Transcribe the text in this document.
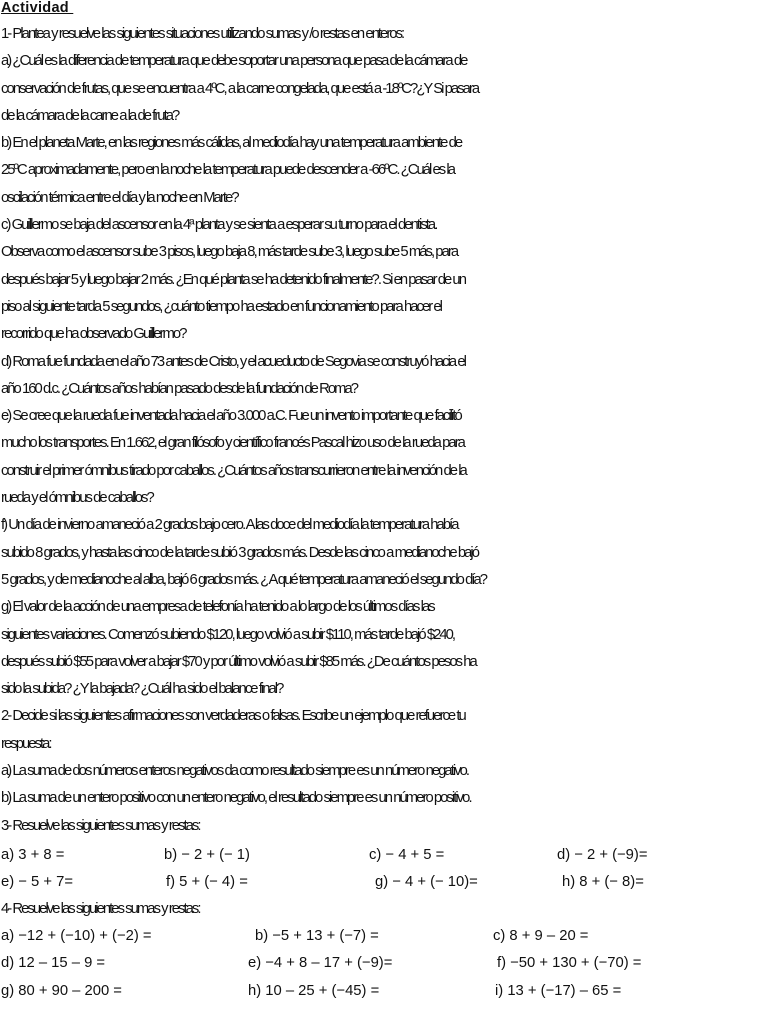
Actividad
1- Plantea y resuelve las siguientes situaciones utilizando sumas y /o restas en enteros:
a) ¿Cuál es la diferencia de temperatura que debe soportar una persona que pasa de la cámara de
conservación de frutas, que se encuentra a 4ºC, a la carne congelada, que está a -18ºC?¿Y Si pasara
de la cámara de la carne a la de fruta?
b) En el planeta Marte, en las regiones más cálidas, al mediodía hay una temperatura ambiente de
25ºC aproximadamente, pero en la noche la temperatura puede descender a -66ºC. ¿Cuál es la
oscilación térmica entre el día y la noche en Marte?
c) Guillermo se baja del ascensor en la 4ª planta y se sienta a esperar su turno para el dentista.
Observa como el ascensor sube 3 pisos, luego baja 8, más tarde sube 3, luego sube 5 más, para
después bajar 5 y luego bajar 2 más. ¿En qué planta se ha detenido finalmente?. Si en pasar de un
piso al siguiente tarda 5 segundos, ¿cuánto tiempo ha estado en funcionamiento para hacer el
recorrido que ha observado Guillermo?
d) Roma fue fundada en el año 73 antes de Cristo, y el acueducto de Segovia se construyó hacia el
año 160 d.c. ¿Cuántos años habían pasado desde la fundación de Roma?
e) Se cree que la rueda fue inventada hacia el año 3.000 a.C. Fue un invento importante que facilitó
mucho los transportes. En 1.662, el gran filósofo y científico francés Pascal hizo uso de la rueda para
construir el primer ómnibus tirado por caballos. ¿Cuántos años transcurrieron entre la invención de la
rueda y el ómnibus de caballos?
f) Un día de invierno amaneció a 2 grados bajo cero. A las doce del mediodía la temperatura había
subido 8 grados, y hasta las cinco de la tarde subió 3 grados más. Desde las cinco a medianoche bajó
5 grados, y de medianoche al alba, bajó 6 grados más. ¿ A qué temperatura amaneció el segundo día?
g) El valor de la acción de una empresa de telefonía ha tenido a lo largo de los últimos días las
siguientes variaciones. Comenzó subiendo $120, luego volvió a subir $110, más tarde bajó $240,
después subió $55 para volver a bajar $70 y por último volvió a subir $85 más. ¿De cuántos pesos ha
sido la subida? ¿Y la bajada? ¿Cuál ha sido el balance final?
2- Decide si las siguientes afirmaciones son verdaderas o falsas. Escribe un ejemplo que refuerce tu
respuesta:
a) La suma de dos números enteros negativos da como resultado siempre es un número negativo.
b) La suma de un entero positivo con un entero negativo, el resultado siempre es un número positivo.
3- Resuelve las siguientes sumas y restas:
a) 3 + 8 =	b) − 2 + (− 1)	c) − 4 + 5 =	d) − 2 + (−9)=
e) − 5 + 7=	f) 5 + (− 4) =	g) − 4 + (− 10)=	h) 8 + (− 8)=
4- Resuelve las siguientes sumas y restas:
a) −12 + (−10) + (−2) =	b) −5 + 13 + (−7) =	c) 8 + 9 – 20 =
d) 12 – 15 – 9 =	e) −4 + 8 – 17 + (−9)=	f) −50 + 130 + (−70) =
g) 80 + 90 – 200 =	h) 10 – 25 + (−45) =	i) 13 + (−17) – 65 =
